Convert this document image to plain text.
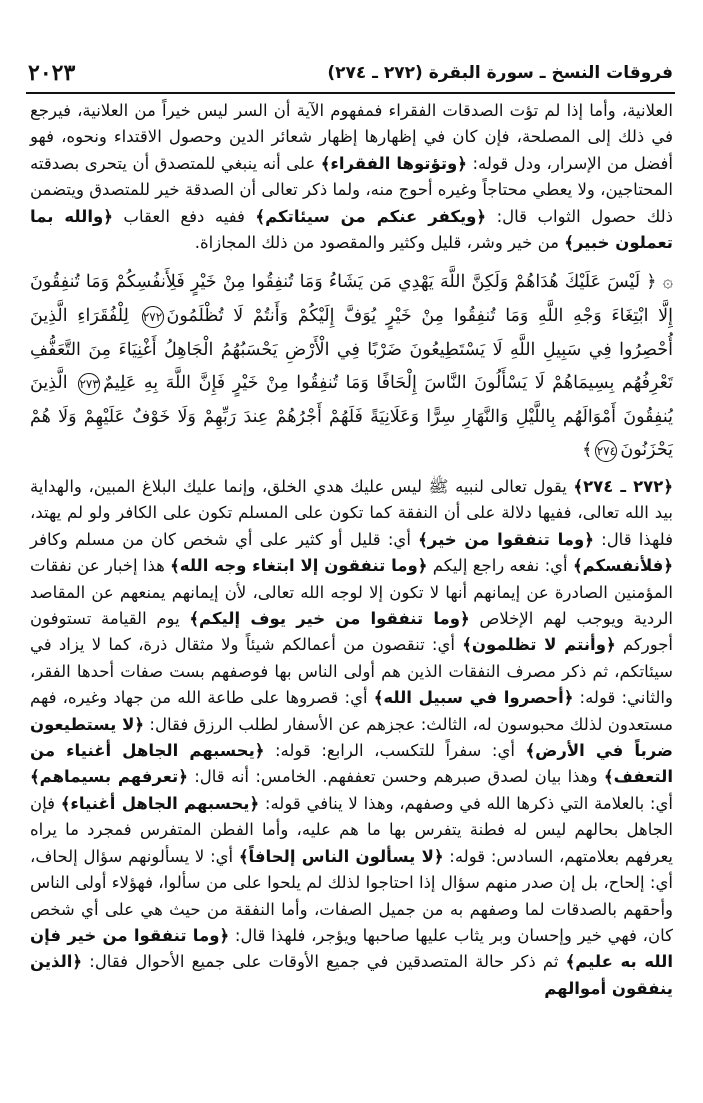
٢٠٢٣	فروقات النسخ ـ سورة البقرة (٢٧٢ ـ ٢٧٤)

العلانية، وأما إذا لم تؤت الصدقات الفقراء فمفهوم الآية أن السر ليس خيراً من العلانية، فيرجع في ذلك إلى المصلحة، فإن كان في إظهارها إظهار شعائر الدين وحصول الاقتداء ونحوه، فهو أفضل من الإسرار، ودل قوله: ﴿وتؤتوها الفقراء﴾ على أنه ينبغي للمتصدق أن يتحرى بصدقته المحتاجين، ولا يعطي محتاجاً وغيره أحوج منه، ولما ذكر تعالى أن الصدقة خير للمتصدق ويتضمن ذلك حصول الثواب قال: ﴿ويكفر عنكم من سيئاتكم﴾ ففيه دفع العقاب ﴿والله بما تعملون خبير﴾ من خير وشر، قليل وكثير والمقصود من ذلك المجازاة.

۞ ﴿ لَيْسَ عَلَيْكَ هُدَاهُمْ وَلَكِنَّ اللَّهَ يَهْدِي مَن يَشَاءُ وَمَا تُنفِقُوا مِنْ خَيْرٍ فَلِأَنفُسِكُمْ وَمَا تُنفِقُونَ إِلَّا ابْتِغَاءَ وَجْهِ اللَّهِ وَمَا تُنفِقُوا مِنْ خَيْرٍ يُوَفَّ إِلَيْكُمْ وَأَنتُمْ لَا تُظْلَمُونَ٢٧٢ لِلْفُقَرَاءِ الَّذِينَ أُحْصِرُوا فِي سَبِيلِ اللَّهِ لَا يَسْتَطِيعُونَ ضَرْبًا فِي الْأَرْضِ يَحْسَبُهُمُ الْجَاهِلُ أَغْنِيَاءَ مِنَ التَّعَفُّفِ تَعْرِفُهُم بِسِيمَاهُمْ لَا يَسْأَلُونَ النَّاسَ إِلْحَافًا وَمَا تُنفِقُوا مِنْ خَيْرٍ فَإِنَّ اللَّهَ بِهِ عَلِيمٌ٢٧٣ الَّذِينَ يُنفِقُونَ أَمْوَالَهُم بِاللَّيْلِ وَالنَّهَارِ سِرًّا وَعَلَانِيَةً فَلَهُمْ أَجْرُهُمْ عِندَ رَبِّهِمْ وَلَا خَوْفٌ عَلَيْهِمْ وَلَا هُمْ يَحْزَنُونَ٢٧٤﴾

﴿٢٧٢ ـ ٢٧٤﴾ يقول تعالى لنبيه ﷺ ليس عليك هدي الخلق، وإنما عليك البلاغ المبين، والهداية بيد الله تعالى، ففيها دلالة على أن النفقة كما تكون على المسلم تكون على الكافر ولو لم يهتد، فلهذا قال: ﴿وما تنفقوا من خير﴾ أي: قليل أو كثير على أي شخص كان من مسلم وكافر ﴿فلأنفسكم﴾ أي: نفعه راجع إليكم ﴿وما تنفقون إلا ابتغاء وجه الله﴾ هذا إخبار عن نفقات المؤمنين الصادرة عن إيمانهم أنها لا تكون إلا لوجه الله تعالى، لأن إيمانهم يمنعهم عن المقاصد الردية ويوجب لهم الإخلاص ﴿وما تنفقوا من خير يوف إليكم﴾ يوم القيامة تستوفون أجوركم ﴿وأنتم لا تظلمون﴾ أي: تنقصون من أعمالكم شيئاً ولا مثقال ذرة، كما لا يزاد في سيئاتكم، ثم ذكر مصرف النفقات الذين هم أولى الناس بها فوصفهم بست صفات أحدها الفقر، والثاني: قوله: ﴿أحصروا في سبيل الله﴾ أي: قصروها على طاعة الله من جهاد وغيره، فهم مستعدون لذلك محبوسون له، الثالث: عجزهم عن الأسفار لطلب الرزق فقال: ﴿لا يستطيعون ضرباً في الأرض﴾ أي: سفراً للتكسب، الرابع: قوله: ﴿يحسبهم الجاهل أغنياء من التعفف﴾ وهذا بيان لصدق صبرهم وحسن تعففهم. الخامس: أنه قال: ﴿تعرفهم بسيماهم﴾ أي: بالعلامة التي ذكرها الله في وصفهم، وهذا لا ينافي قوله: ﴿يحسبهم الجاهل أغنياء﴾ فإن الجاهل بحالهم ليس له فطنة يتفرس بها ما هم عليه، وأما الفطن المتفرس فمجرد ما يراه يعرفهم بعلامتهم، السادس: قوله: ﴿لا يسألون الناس إلحافاً﴾ أي: لا يسألونهم سؤال إلحاف، أي: إلحاح، بل إن صدر منهم سؤال إذا احتاجوا لذلك لم يلحوا على من سألوا، فهؤلاء أولى الناس وأحقهم بالصدقات لما وصفهم به من جميل الصفات، وأما النفقة من حيث هي على أي شخص كان، فهي خير وإحسان وبر يثاب عليها صاحبها ويؤجر، فلهذا قال: ﴿وما تنفقوا من خير فإن الله به عليم﴾ ثم ذكر حالة المتصدقين في جميع الأوقات على جميع الأحوال فقال: ﴿الذين ينفقون أموالهم
